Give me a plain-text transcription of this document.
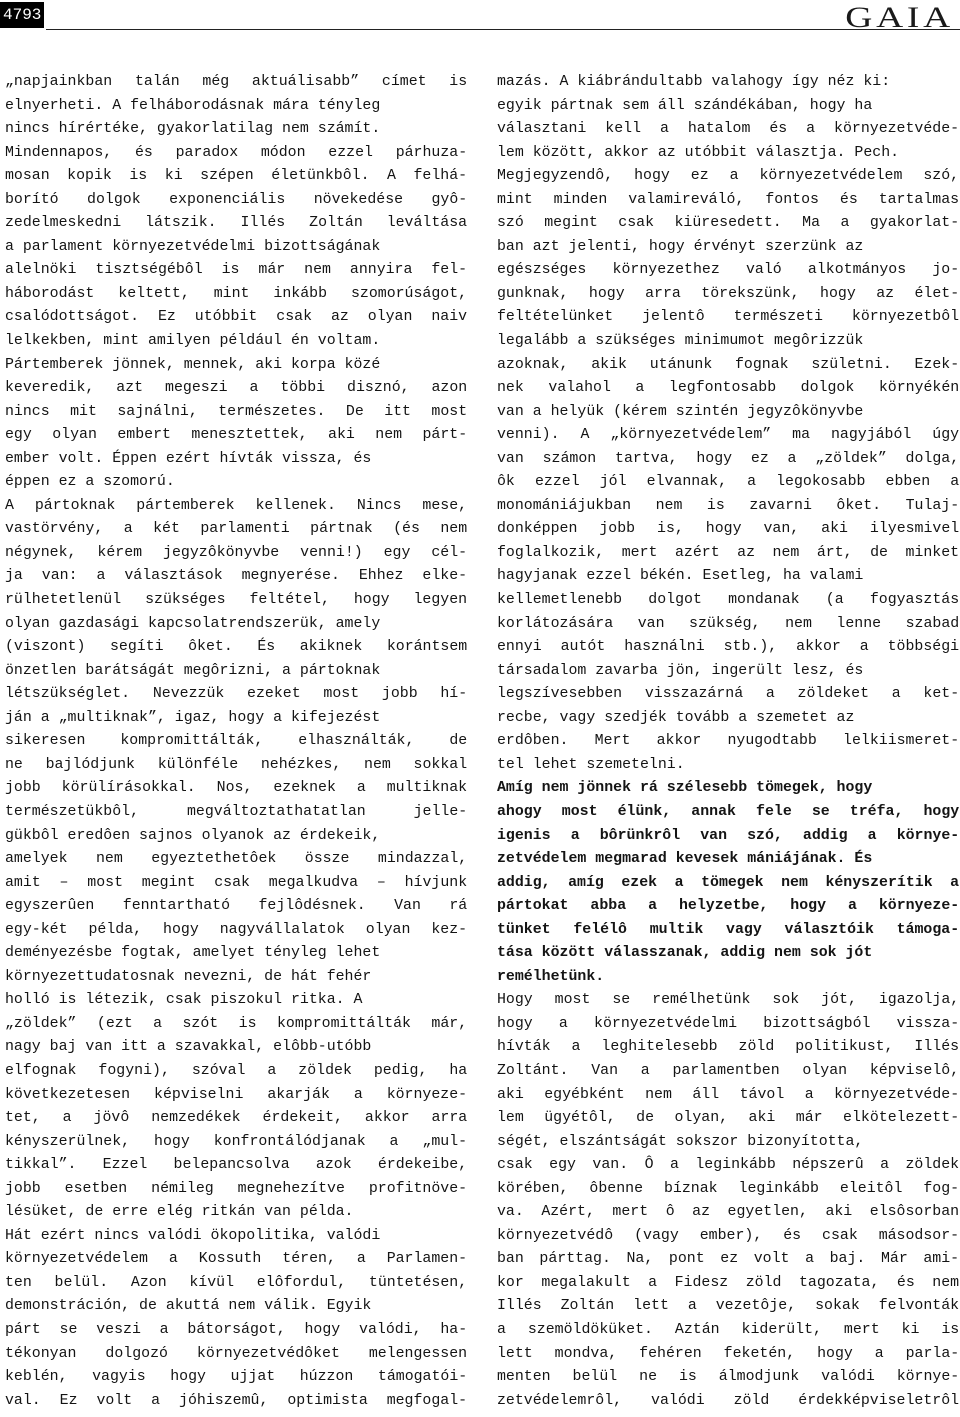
4793	GAIA
„napjainkban talán még aktuálisabb” címet is
elnyerheti. A felháborodásnak mára tényleg
nincs hírértéke, gyakorlatilag nem számít.
Mindennapos, és paradox módon ezzel párhuza-
mosan kopik is ki szépen életünkbôl. A felhá-
borító dolgok exponenciális növekedése gyô-
zedelmeskedni látszik. Illés Zoltán leváltása
a parlament környezetvédelmi bizottságának
alelnöki tisztségébôl is már nem annyira fel-
háborodást keltett, mint inkább szomorúságot,
csalódottságot. Ez utóbbit csak az olyan naiv
lelkekben, mint amilyen például én voltam.
Pártemberek jönnek, mennek, aki korpa közé
keveredik, azt megeszi a többi disznó, azon
nincs mit sajnálni, természetes. De itt most
egy olyan embert menesztettek, aki nem párt-
ember volt. Éppen ezért hívták vissza, és
éppen ez a szomorú.
A pártoknak pártemberek kellenek. Nincs mese,
vastörvény, a két parlamenti pártnak (és nem
négynek, kérem jegyzôkönyvbe venni!) egy cél-
ja van: a választások megnyerése. Ehhez elke-
rülhetetlenül szükséges feltétel, hogy legyen
olyan gazdasági kapcsolatrendszerük, amely
(viszont) segíti ôket. És akiknek korántsem
önzetlen barátságát megôrizni, a pártoknak
létszükséglet. Nevezzük ezeket most jobb hí-
ján a „multiknak”, igaz, hogy a kifejezést
sikeresen kompromittálták, elhasználták, de
ne bajlódjunk különféle nehézkes, nem sokkal
jobb körülírásokkal. Nos, ezeknek a multiknak
természetükbôl, megváltoztathatatlan jelle-
gükbôl eredôen sajnos olyanok az érdekeik,
amelyek nem egyeztethetôek össze mindazzal,
amit – most megint csak megalkudva – hívjunk
egyszerûen fenntartható fejlôdésnek. Van rá
egy-két példa, hogy nagyvállalatok olyan kez-
deményezésbe fogtak, amelyet tényleg lehet
környezettudatosnak nevezni, de hát fehér
holló is létezik, csak piszokul ritka. A
„zöldek” (ezt a szót is kompromittálták már,
nagy baj van itt a szavakkal, elôbb-utóbb
elfognak fogyni), szóval a zöldek pedig, ha
következetesen képviselni akarják a környeze-
tet, a jövô nemzedékek érdekeit, akkor arra
kényszerülnek, hogy konfrontálódjanak a „mul-
tikkal”. Ezzel belepancsolva azok érdekeibe,
jobb esetben némileg megnehezítve profitnöve-
lésüket, de erre elég ritkán van példa.
Hát ezért nincs valódi ökopolitika, valódi
környezetvédelem a Kossuth téren, a Parlamen-
ten belül. Azon kívül elôfordul, tüntetésen,
demonstráción, de akuttá nem válik. Egyik
párt se veszi a bátorságot, hogy valódi, ha-
tékonyan dolgozó környezetvédôket melengessen
keblén, vagyis hogy ujjat húzzon támogatói-
val. Ez volt a jóhiszemû, optimista megfogal-
mazás. A kiábrándultabb valahogy így néz ki:
egyik pártnak sem áll szándékában, hogy ha
választani kell a hatalom és a környezetvéde-
lem között, akkor az utóbbit választja. Pech.
Megjegyzendô, hogy ez a környezetvédelem szó,
mint minden valamireváló, fontos és tartalmas
szó megint csak kiüresedett. Ma a gyakorlat-
ban azt jelenti, hogy érvényt szerzünk az
egészséges környezethez való alkotmányos jo-
gunknak, hogy arra törekszünk, hogy az élet-
feltételünket jelentô természeti környezetbôl
legalább a szükséges minimumot megôrizzük
azoknak, akik utánunk fognak születni. Ezek-
nek valahol a legfontosabb dolgok környékén
van a helyük (kérem szintén jegyzôkönyvbe
venni). A „környezetvédelem” ma nagyjából úgy
van számon tartva, hogy ez a „zöldek” dolga,
ôk ezzel jól elvannak, a legokosabb ebben a
monomániájukban nem is zavarni ôket. Tulaj-
donképpen jobb is, hogy van, aki ilyesmivel
foglalkozik, mert azért az nem árt, de minket
hagyjanak ezzel békén. Esetleg, ha valami
kellemetlenebb dolgot mondanak (a fogyasztás
korlátozására van szükség, nem lenne szabad
ennyi autót használni stb.), akkor a többségi
társadalom zavarba jön, ingerült lesz, és
legszívesebben visszazárná a zöldeket a ket-
recbe, vagy szedjék tovább a szemetet az
erdôben. Mert akkor nyugodtabb lelkiismeret-
tel lehet szemetelni.
Amíg nem jönnek rá szélesebb tömegek, hogy
ahogy most élünk, annak fele se tréfa, hogy
igenis a bôrünkrôl van szó, addig a környe-
zetvédelem megmarad kevesek mániájának. És
addig, amíg ezek a tömegek nem kényszerítik a
pártokat abba a helyzetbe, hogy a környeze-
tünket felélô multik vagy választóik támoga-
tása között válasszanak, addig nem sok jót
remélhetünk.
Hogy most se remélhetünk sok jót, igazolja,
hogy a környezetvédelmi bizottságból vissza-
hívták a leghitelesebb zöld politikust, Illés
Zoltánt. Van a parlamentben olyan képviselô,
aki egyébként nem áll távol a környezetvéde-
lem ügyétôl, de olyan, aki már elkötelezett-
ségét, elszántságát sokszor bizonyította,
csak egy van. Ô a leginkább népszerû a zöldek
körében, ôbenne bíznak leginkább eleitôl fog-
va. Azért, mert ô az egyetlen, aki elsôsorban
környezetvédô (vagy ember), és csak másodsor-
ban párttag. Na, pont ez volt a baj. Már ami-
kor megalakult a Fidesz zöld tagozata, és nem
Illés Zoltán lett a vezetôje, sokak felvonták
a szemöldöküket. Aztán kiderült, mert ki is
lett mondva, fehéren feketén, hogy a parla-
menten belül ne is álmodjunk valódi környe-
zetvédelemrôl, valódi zöld érdekképviseletrôl
